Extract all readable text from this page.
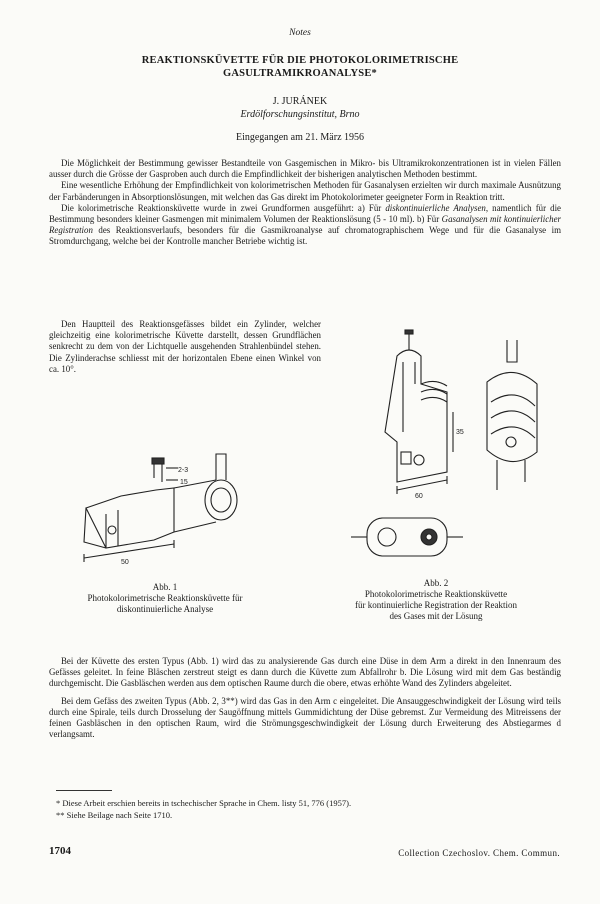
Notes
REAKTIONSKÜVETTE FÜR DIE PHOTOKOLORIMETRISCHE
GASULTRAMIKROANALYSE*
J. JURÁNEK
Erdölforschungsinstitut, Brno
Eingegangen am 21. März 1956

Die Möglichkeit der Bestimmung gewisser Bestandteile von Gasgemischen in Mikro- bis Ultramikrokonzentrationen ist in vielen Fällen ausser durch die Grösse der Gasproben auch durch die Empfindlichkeit der bisherigen analytischen Methoden bestimmt.

Eine wesentliche Erhöhung der Empfindlichkeit von kolorimetrischen Methoden für Gasanalysen erzielten wir durch maximale Ausnützung der Farbänderungen in Absorptionslösungen, mit welchen das Gas direkt im Photokolorimeter geeigneter Form in Reaktion tritt.

Die kolorimetrische Reaktionsküvette wurde in zwei Grundformen ausgeführt: a) Für diskontinuierliche Analysen, namentlich für die Bestimmung besonders kleiner Gasmengen mit minimalem Volumen der Reaktionslösung (5 - 10 ml). b) Für Gasanalysen mit kontinuierlicher Registration des Reaktionsverlaufs, besonders für die Gasmikroanalyse auf chromatographischem Wege und für die Gasanalyse im Stromdurchgang, welche bei der Kontrolle mancher Betriebe wichtig ist.

Den Hauptteil des Reaktionsgefässes bildet ein Zylinder, welcher gleichzeitig eine kolorimetrische Küvette darstellt, dessen Grundflächen senkrecht zu dem von der Lichtquelle ausgehenden Strahlenbündel stehen. Die Zylinderachse schliesst mit der horizontalen Ebene einen Winkel von ca. 10°.

50
2-3
15
60
35
Abb. 1
Photokolorimetrische Reaktionsküvette für
diskontinuierliche Analyse
Abb. 2
Photokolorimetrische Reaktionsküvette
für kontinuierliche Registration der Reaktion
des Gases mit der Lösung

Bei der Küvette des ersten Typus (Abb. 1) wird das zu analysierende Gas durch eine Düse in dem Arm a direkt in den Innenraum des Gefässes geleitet. In feine Bläschen zerstreut steigt es dann durch die Küvette zum Abfallrohr b. Die Lösung wird mit dem Gas beständig durchgemischt. Die Gasbläschen werden aus dem optischen Raume durch die obere, etwas erhöhte Wand des Zylinders abgeleitet.

Bei dem Gefäss des zweiten Typus (Abb. 2, 3**) wird das Gas in den Arm c eingeleitet. Die Ansauggeschwindigkeit der Lösung wird teils durch eine Spirale, teils durch Drosselung der Saugöffnung mittels Gummidichtung der Düse gebremst. Zur Vermeidung des Mitreissens der feinen Gasbläschen in den optischen Raum, wird die Strömungsgeschwindigkeit der Lösung durch Erweiterung des Abstiegarmes d verlangsamt.

* Diese Arbeit erschien bereits in tschechischer Sprache in Chem. listy 51, 776 (1957).
** Siehe Beilage nach Seite 1710.
1704	Collection Czechoslov. Chem. Commun.
